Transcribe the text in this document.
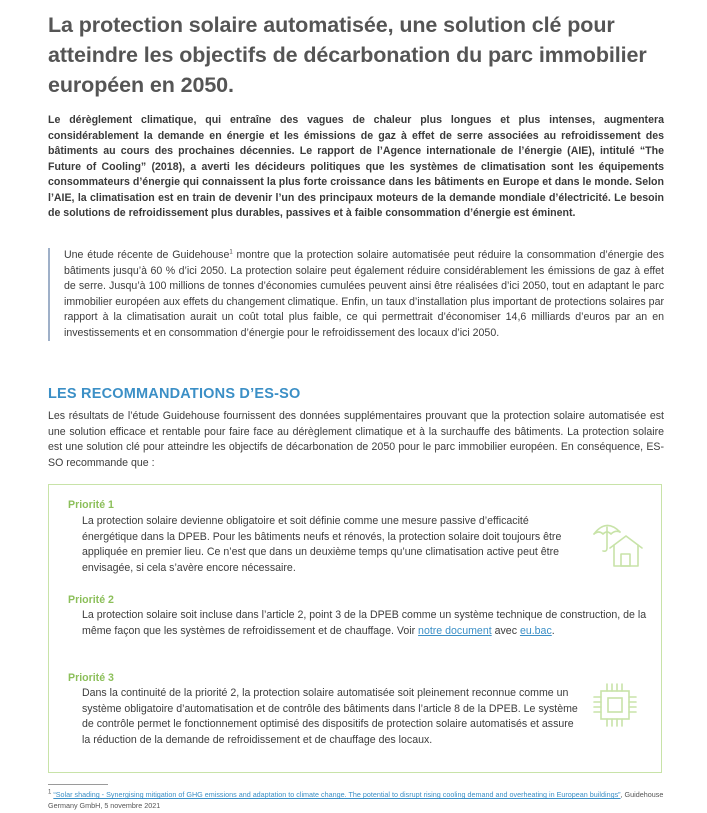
La protection solaire automatisée, une solution clé pour atteindre les objectifs de décarbonation du parc immobilier européen en 2050.

Le dérèglement climatique, qui entraîne des vagues de chaleur plus longues et plus intenses, augmentera considérablement la demande en énergie et les émissions de gaz à effet de serre associées au refroidissement des bâtiments au cours des prochaines décennies. Le rapport de l’Agence internationale de l’énergie (AIE), intitulé “The Future of Cooling” (2018), a averti les décideurs politiques que les systèmes de climatisation sont les équipements consommateurs d’énergie qui connaissent la plus forte croissance dans les bâtiments en Europe et dans le monde. Selon l’AIE, la climatisation est en train de devenir l’un des principaux moteurs de la demande mondiale d’électricité. Le besoin de solutions de refroidissement plus durables, passives et à faible consommation d’énergie est éminent.

Une étude récente de Guidehouse$^1$ montre que la protection solaire automatisée peut réduire la consommation d’énergie des bâtiments jusqu’à 60 % d’ici 2050. La protection solaire peut également réduire considérablement les émissions de gaz à effet de serre. Jusqu’à 100 millions de tonnes d’économies cumulées peuvent ainsi être réalisées d’ici 2050, tout en adaptant le parc immobilier européen aux effets du changement climatique. Enfin, un taux d’installation plus important de protections solaires par rapport à la climatisation aurait un coût total plus faible, ce qui permettrait d’économiser 14,6 milliards d’euros par an en investissements et en consommation d’énergie pour le refroidissement des locaux d’ici 2050.

LES RECOMMANDATIONS D’ES-SO

Les résultats de l’étude Guidehouse fournissent des données supplémentaires prouvant que la protection solaire automatisée est une solution efficace et rentable pour faire face au dérèglement climatique et à la surchauffe des bâtiments. La protection solaire est une solution clé pour atteindre les objectifs de décarbonation de 2050 pour le parc immobilier européen. En conséquence, ES-SO recommande que :

Priorité 1

La protection solaire devienne obligatoire et soit définie comme une mesure passive d’efficacité énergétique dans la DPEB. Pour les bâtiments neufs et rénovés, la protection solaire doit toujours être appliquée en premier lieu. Ce n’est que dans un deuxième temps qu’une climatisation active peut être envisagée, si cela s’avère encore nécessaire.

Priorité 2

La protection solaire soit incluse dans l’article 2, point 3 de la DPEB comme un système technique de construction, de la même façon que les systèmes de refroidissement et de chauffage. Voir notre document avec eu.bac.

Priorité 3

Dans la continuité de la priorité 2, la protection solaire automatisée soit pleinement reconnue comme un système obligatoire d’automatisation et de contrôle des bâtiments dans l’article 8 de la DPEB. Le système de contrôle permet le fonctionnement optimisé des dispositifs de protection solaire automatisés et assure la réduction de la demande de refroidissement et de chauffage des locaux.

$^1$ “Solar shading - Synergising mitigation of GHG emissions and adaptation to climate change. The potential to disrupt rising cooling demand and overheating in European buildings”, Guidehouse Germany GmbH, 5 novembre 2021
